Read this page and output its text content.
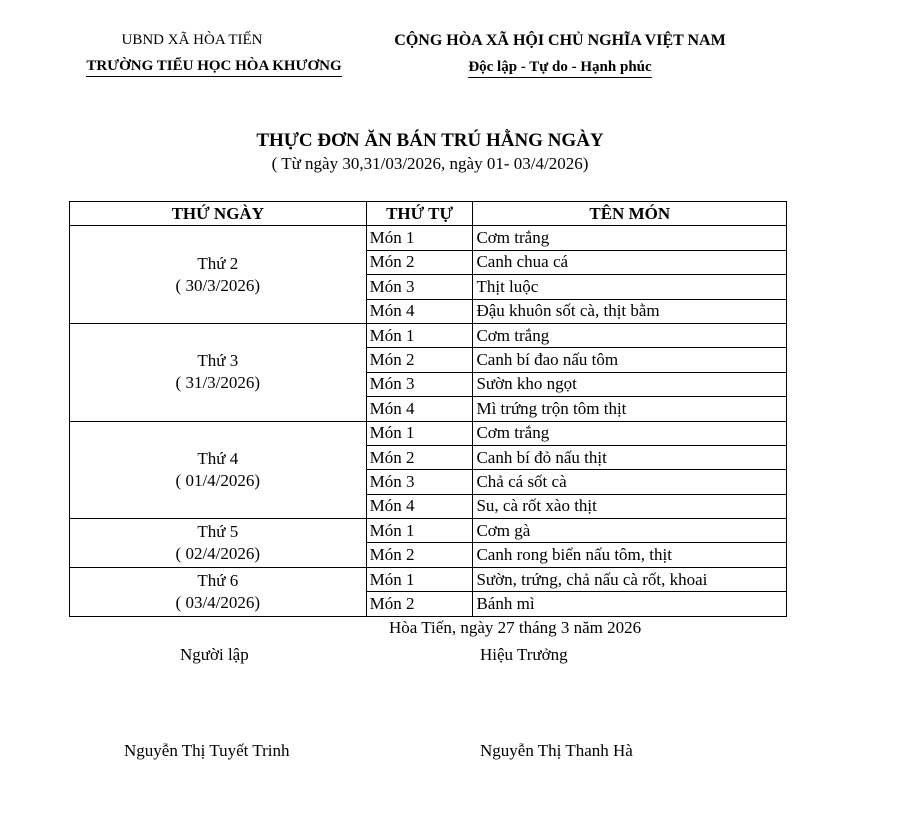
UBND XÃ HÒA TIẾN
TRƯỜNG TIỂU HỌC HÒA KHƯƠNG
CỘNG HÒA XÃ HỘI CHỦ NGHĨA VIỆT NAM
Độc lập - Tự do - Hạnh phúc
THỰC ĐƠN ĂN BÁN TRÚ HẰNG NGÀY
( Từ ngày 30,31/03/2026, ngày 01- 03/4/2026)
THỨ NGÀY	THỨ TỰ	TÊN MÓN

Thứ 2
( 30/3/2026)	Món 1	Cơm trắng
	Món 2	Canh chua cá
	Món 3	Thịt luộc
	Món 4	Đậu khuôn sốt cà, thịt bằm

Thứ 3
( 31/3/2026)	Món 1	Cơm trắng
	Món 2	Canh bí đao nấu tôm
	Món 3	Sườn kho ngọt
	Món 4	Mì trứng trộn tôm thịt

Thứ 4
( 01/4/2026)	Món 1	Cơm trắng
	Món 2	Canh bí đỏ nấu thịt
	Món 3	Chả cá sốt cà
	Món 4	Su, cà rốt xào thịt

Thứ 5
( 02/4/2026)	Món 1	Cơm gà
	Món 2	Canh rong biển nấu tôm, thịt

Thứ 6
( 03/4/2026)	Món 1	Sườn, trứng, chả nấu cà rốt, khoai
	Món 2	Bánh mì
Hòa Tiến, ngày 27 tháng 3 năm 2026
Người lập	Hiệu Trưởng
Nguyễn Thị Tuyết Trinh	Nguyễn Thị Thanh Hà
